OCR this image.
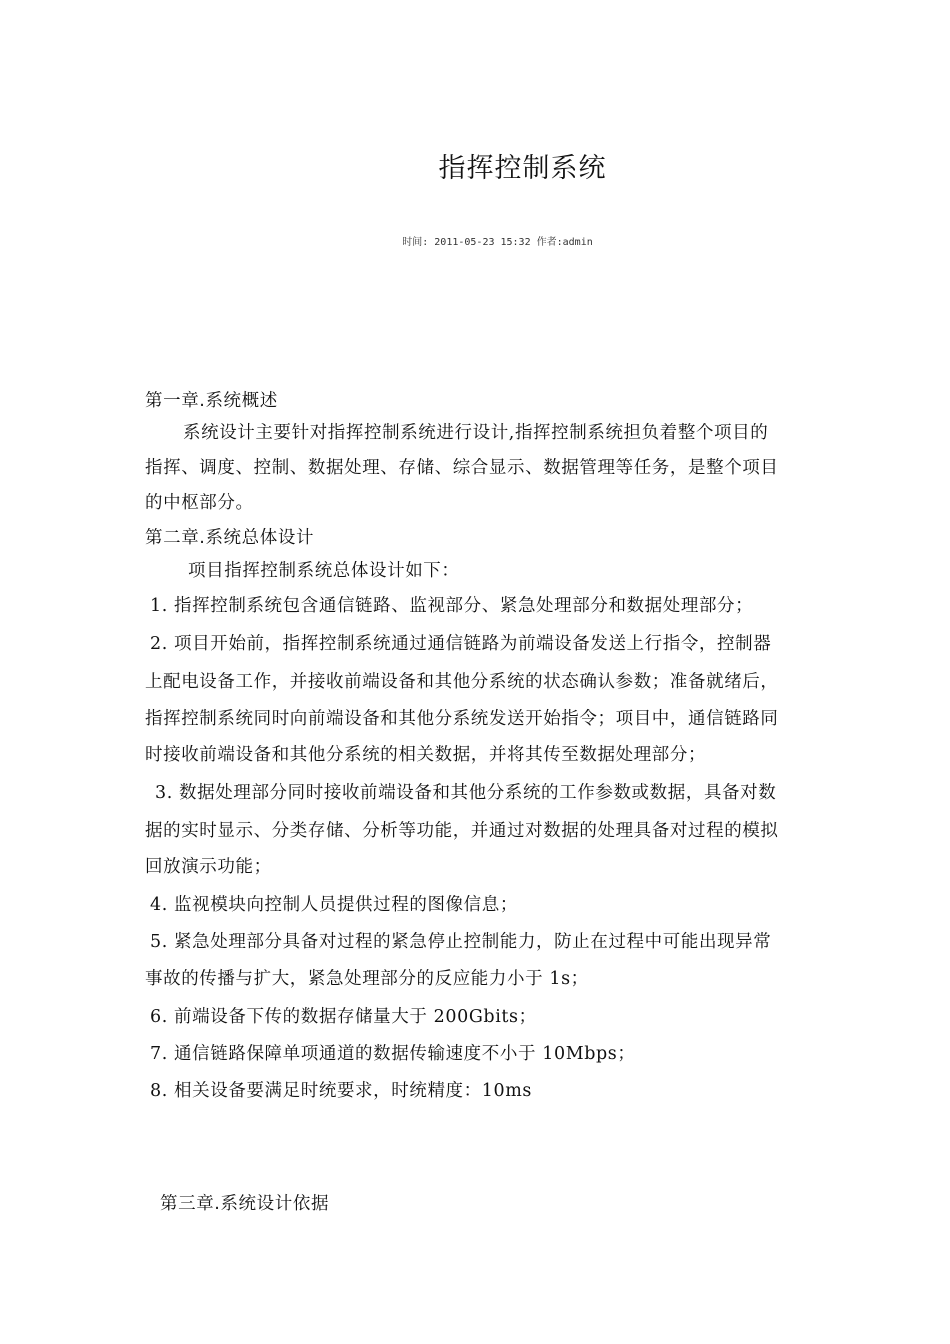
指挥控制系统
时间: 2011-05-23 15:32 作者:admin
第一章.系统概述
系统设计主要针对指挥控制系统进行设计,指挥控制系统担负着整个项目的
指挥、调度、控制、数据处理、存储、综合显示、数据管理等任务，是整个项目
的中枢部分。
第二章.系统总体设计
项目指挥控制系统总体设计如下：
1. 指挥控制系统包含通信链路、监视部分、紧急处理部分和数据处理部分；
2. 项目开始前，指挥控制系统通过通信链路为前端设备发送上行指令，控制器
上配电设备工作，并接收前端设备和其他分系统的状态确认参数；准备就绪后，
指挥控制系统同时向前端设备和其他分系统发送开始指令；项目中，通信链路同
时接收前端设备和其他分系统的相关数据，并将其传至数据处理部分；
3. 数据处理部分同时接收前端设备和其他分系统的工作参数或数据，具备对数
据的实时显示、分类存储、分析等功能，并通过对数据的处理具备对过程的模拟
回放演示功能；
4. 监视模块向控制人员提供过程的图像信息；
5. 紧急处理部分具备对过程的紧急停止控制能力，防止在过程中可能出现异常
事故的传播与扩大，紧急处理部分的反应能力小于 1s；
6. 前端设备下传的数据存储量大于 200Gbits；
7. 通信链路保障单项通道的数据传输速度不小于 10Mbps；
8. 相关设备要满足时统要求，时统精度：10ms
第三章.系统设计依据
